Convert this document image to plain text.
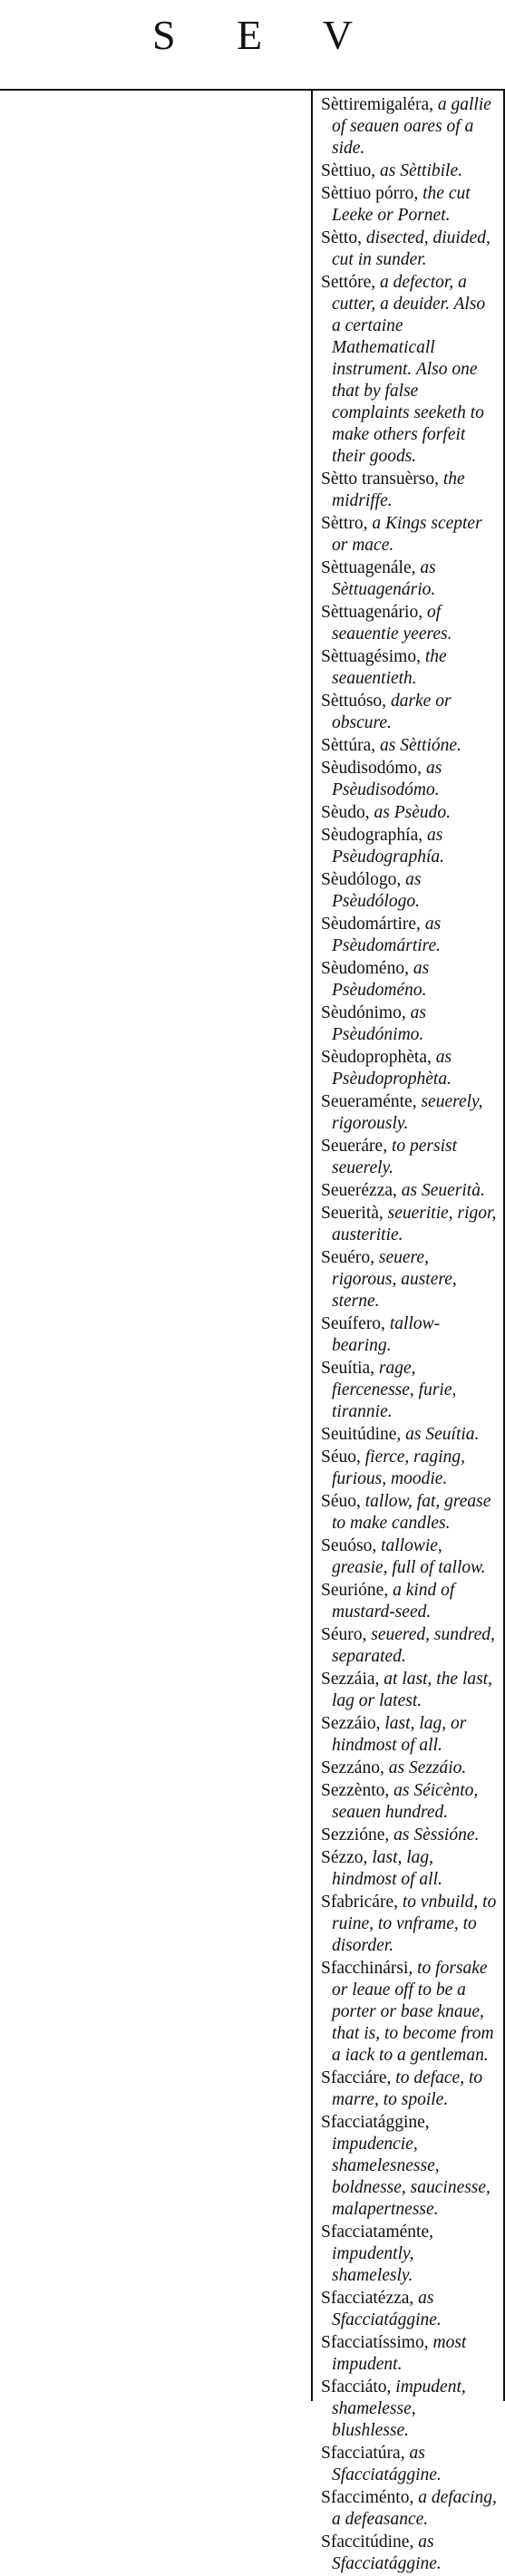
S E V

Sèttiremigaléra, a gallie of seauen oares of a side.

Sèttiuo, as Sèttibile.

Sèttiuo pórro, the cut Leeke or Pornet.

Sètto, disected, diuided, cut in sunder.

Settóre, a defector, a cutter, a deuider. Also a certaine Mathematicall instrument. Also one that by false complaints seeketh to make others forfeit their goods.

Sètto transuèrso, the midriffe.

Sèttro, a Kings scepter or mace.

Sèttuagenále, as Sèttuagenário.

Sèttuagenário, of seauentie yeeres.

Sèttuagésimo, the seauentieth.

Sèttuóso, darke or obscure.

Sèttúra, as Sèttióne.

Sèudisodómo, as Psèudisodómo.

Sèudo, as Psèudo.

Sèudographía, as Psèudographía.

Sèudólogo, as Psèudólogo.

Sèudomártire, as Psèudomártire.

Sèudoméno, as Psèudoméno.

Sèudónimo, as Psèudónimo.

Sèudoprophèta, as Psèudoprophèta.

Seueraménte, seuerely, rigorously.

Seueráre, to persist seuerely.

Seuerézza, as Seuerità.

Seuerità, seueritie, rigor, austeritie.

Seuéro, seuere, rigorous, austere, sterne.

Seuífero, tallow-bearing.

Seuítia, rage, fiercenesse, furie, tirannie.

Seuitúdine, as Seuítia.

Séuo, fierce, raging, furious, moodie.

Séuo, tallow, fat, grease to make candles.

Seuóso, tallowie, greasie, full of tallow.

Seurióne, a kind of mustard-seed.

Séuro, seuered, sundred, separated.

Sezzáia, at last, the last, lag or latest.

Sezzáio, last, lag, or hindmost of all.

Sezzáno, as Sezzáio.

Sezzènto, as Séicènto, seauen hundred.

Sezzióne, as Sèssióne.

Sézzo, last, lag, hindmost of all.

Sfabricáre, to vnbuild, to ruine, to vnframe, to disorder.

Sfacchinársi, to forsake or leaue off to be a porter or base knaue, that is, to become from a iack to a gentleman.

Sfacciáre, to deface, to marre, to spoile.

Sfacciatággine, impudencie, shamelesnesse, boldnesse, saucinesse, malapertnesse.

Sfacciataménte, impudently, shamelesly.

Sfacciatézza, as Sfacciatággine.

Sfacciatíssimo, most impudent.

Sfacciáto, impudent, shamelesse, blushlesse.

Sfacciatúra, as Sfacciatággine.

Sfacciménto, a defacing, a defeasance.

Sfaccitúdine, as Sfacciatággine.
